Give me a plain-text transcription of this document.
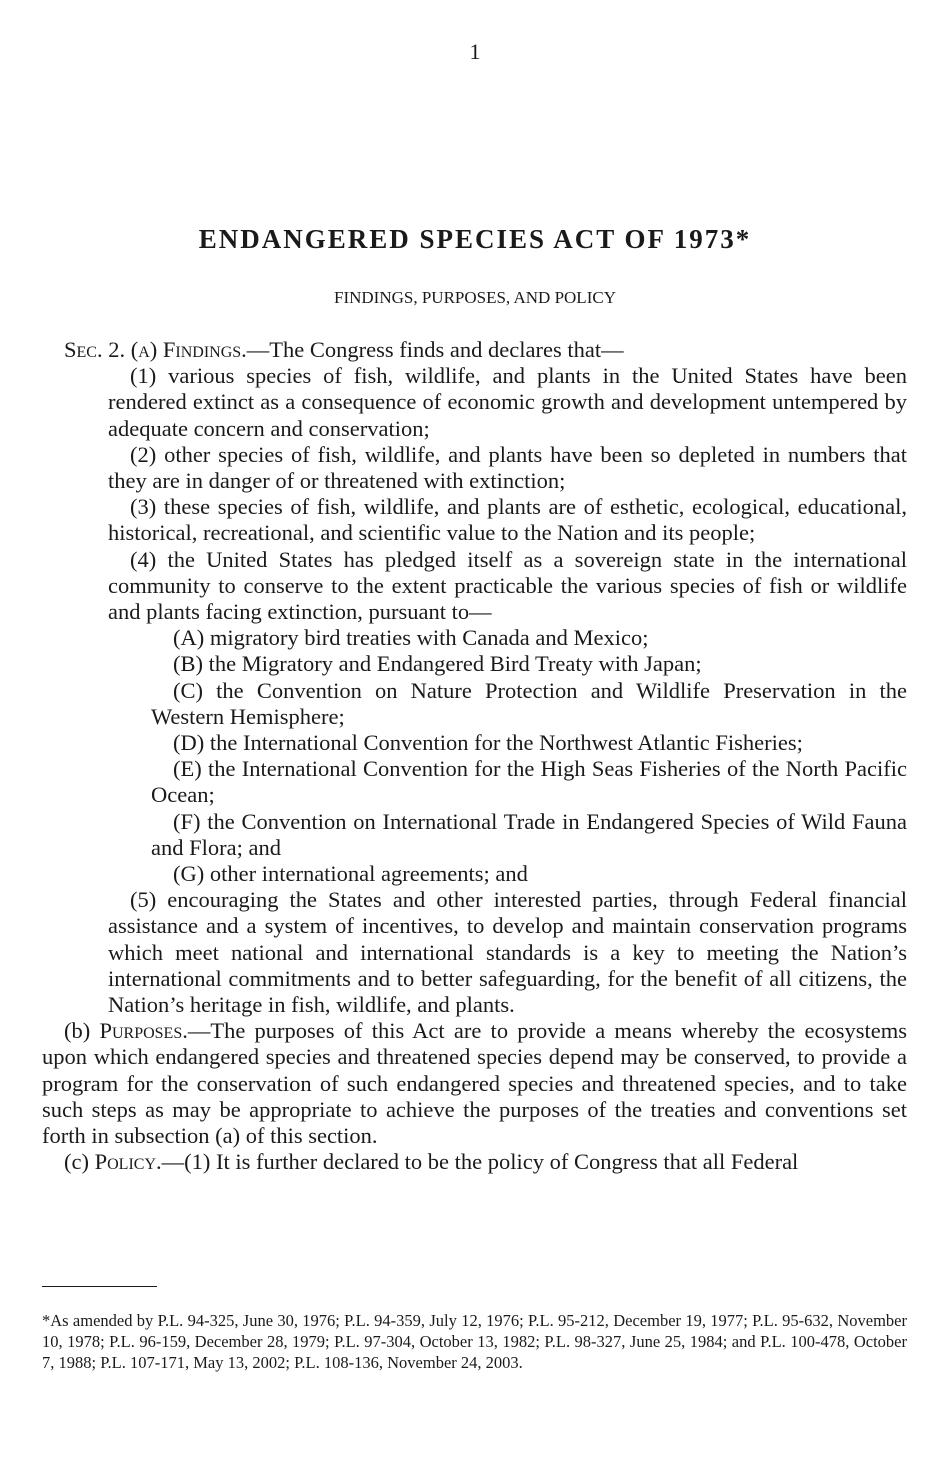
1
ENDANGERED SPECIES ACT OF 1973*
FINDINGS, PURPOSES, AND POLICY

Sec. 2. (a) Findings.—The Congress finds and declares that—

(1) various species of fish, wildlife, and plants in the United States have been rendered extinct as a consequence of economic growth and development untempered by adequate concern and conservation;

(2) other species of fish, wildlife, and plants have been so depleted in numbers that they are in danger of or threatened with extinction;

(3) these species of fish, wildlife, and plants are of esthetic, ecological, educational, historical, recreational, and scientific value to the Nation and its people;

(4) the United States has pledged itself as a sovereign state in the international community to conserve to the extent practicable the various species of fish or wildlife and plants facing extinction, pursuant to—

(A) migratory bird treaties with Canada and Mexico;

(B) the Migratory and Endangered Bird Treaty with Japan;

(C) the Convention on Nature Protection and Wildlife Preservation in the Western Hemisphere;

(D) the International Convention for the Northwest Atlantic Fisheries;

(E) the International Convention for the High Seas Fisheries of the North Pacific Ocean;

(F) the Convention on International Trade in Endangered Species of Wild Fauna and Flora; and

(G) other international agreements; and

(5) encouraging the States and other interested parties, through Federal financial assistance and a system of incentives, to develop and maintain conservation programs which meet national and international standards is a key to meeting the Nation’s international commitments and to better safeguarding, for the benefit of all citizens, the Nation’s heritage in fish, wildlife, and plants.

(b) Purposes.—The purposes of this Act are to provide a means whereby the ecosystems upon which endangered species and threatened species depend may be conserved, to provide a program for the conservation of such endangered species and threatened species, and to take such steps as may be appropriate to achieve the purposes of the treaties and conventions set forth in subsection (a) of this section.

(c) Policy.—(1) It is further declared to be the policy of Congress that all Federal

*As amended by P.L. 94-325, June 30, 1976; P.L. 94-359, July 12, 1976; P.L. 95-212, December 19, 1977; P.L. 95-632, November 10, 1978; P.L. 96-159, December 28, 1979; P.L. 97-304, October 13, 1982; P.L. 98-327, June 25, 1984; and P.L. 100-478, October 7, 1988; P.L. 107-171, May 13, 2002; P.L. 108-136, November 24, 2003.
